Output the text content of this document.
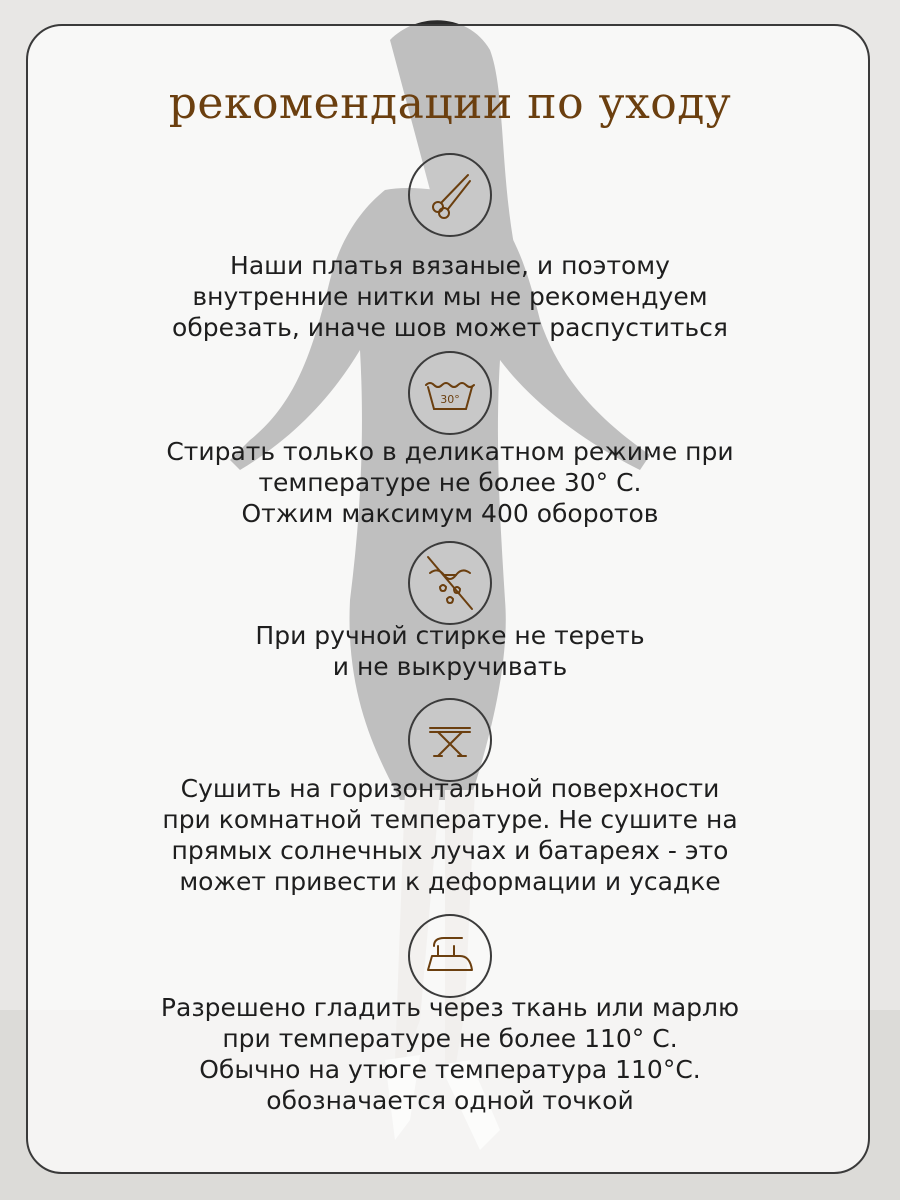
рекомендации по уходу
Наши платья вязаные, и поэтому
внутренние нитки мы не рекомендуем
обрезать, иначе шов может распуститься
30°
Стирать только в деликатном режиме при
температуре не более 30° C.
Отжим максимум 400 оборотов
При ручной стирке не тереть
и не выкручивать
Сушить на горизонтальной поверхности
при комнатной температуре. Не сушите на
прямых солнечных лучах и батареях - это
может привести к деформации и усадке
Разрешено гладить через ткань или марлю
при температуре не более 110° C.
Обычно на утюге температура 110°C.
обозначается одной точкой
